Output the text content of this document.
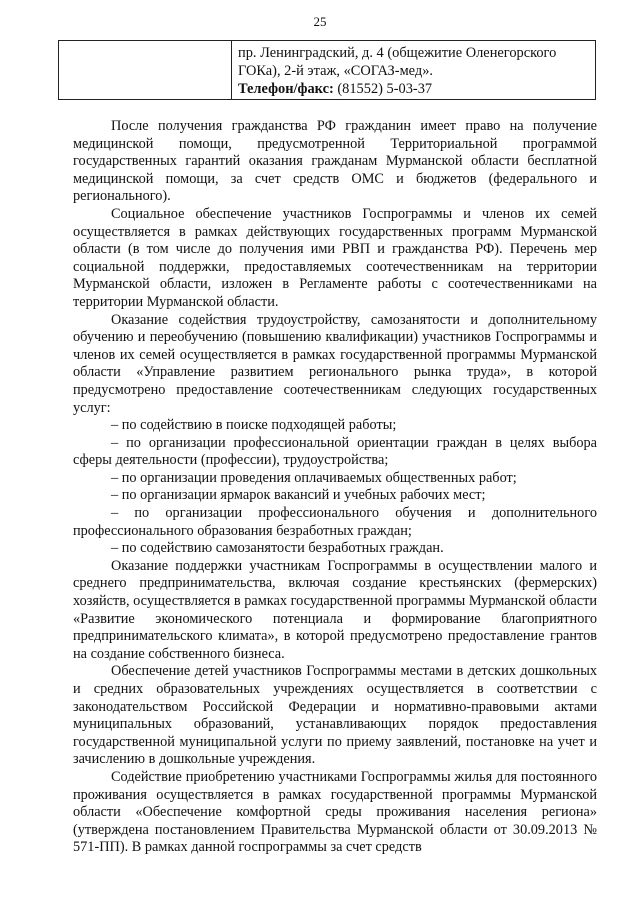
25
пр. Ленинградский, д. 4 (общежитие Оленегорского ГОКа), 2-й этаж, «СОГАЗ-мед».
Телефон/факс: (81552) 5-03-37

После получения гражданства РФ гражданин имеет право на получение медицинской помощи, предусмотренной Территориальной программой государственных гарантий оказания гражданам Мурманской области бесплатной медицинской помощи, за счет средств ОМС и бюджетов (федерального и регионального).

Социальное обеспечение участников Госпрограммы и членов их семей осуществляется в рамках действующих государственных программ Мурманской области (в том числе до получения ими РВП и гражданства РФ). Перечень мер социальной поддержки, предоставляемых соотечественникам на территории Мурманской области, изложен в Регламенте работы с соотечественниками на территории Мурманской области.

Оказание содействия трудоустройству, самозанятости и дополнительному обучению и переобучению (повышению квалификации) участников Госпрограммы и членов их семей осуществляется в рамках государственной программы Мурманской области «Управление развитием регионального рынка труда», в которой предусмотрено предоставление соотечественникам следующих государственных услуг:

– по содействию в поиске подходящей работы;
– по организации профессиональной ориентации граждан в целях выбора сферы деятельности (профессии), трудоустройства;
– по организации проведения оплачиваемых общественных работ;
– по организации ярмарок вакансий и учебных рабочих мест;
– по организации профессионального обучения и дополнительного профессионального образования безработных граждан;
– по содействию самозанятости безработных граждан.

Оказание поддержки участникам Госпрограммы в осуществлении малого и среднего предпринимательства, включая создание крестьянских (фермерских) хозяйств, осуществляется в рамках государственной программы Мурманской области «Развитие экономического потенциала и формирование благоприятного предпринимательского климата», в которой предусмотрено предоставление грантов на создание собственного бизнеса.

Обеспечение детей участников Госпрограммы местами в детских дошкольных и средних образовательных учреждениях осуществляется в соответствии с законодательством Российской Федерации и нормативно-правовыми актами муниципальных образований, устанавливающих порядок предоставления государственной муниципальной услуги по приему заявлений, постановке на учет и зачислению в дошкольные учреждения.

Содействие приобретению участниками Госпрограммы жилья для постоянного проживания осуществляется в рамках государственной программы Мурманской области «Обеспечение комфортной среды проживания населения региона» (утверждена постановлением Правительства Мурманской области от 30.09.2013 № 571-ПП). В рамках данной госпрограммы за счет средств
